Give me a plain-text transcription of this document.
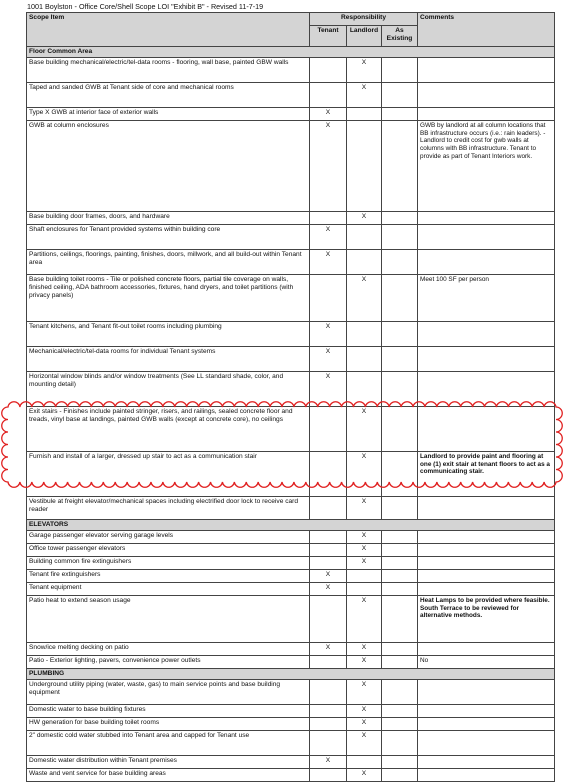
1001 Boylston - Office Core/Shell Scope LOI "Exhibit B" - Revised 11-7-19
Scope Item	Responsibility			Comments
	Tenant	Landlord	As Existing	
Floor Common Area				
Base building mechanical/electric/tel-data rooms - flooring, wall base, painted GBW walls		X		
Taped and sanded GWB at Tenant side of core and mechanical rooms		X		
Type X GWB at interior face of exterior walls	X			
GWB at column enclosures	X			GWB by landlord at all column locations that BB infrastructure occurs (i.e.: rain leaders). - Landlord to credit cost for gwb walls at columns with BB infrastructure. Tenant to provide as part of Tenant Interiors work.
Base building door frames, doors, and hardware		X		
Shaft enclosures for Tenant provided systems within building core	X			
Partitions, ceilings, floorings, painting, finishes, doors, millwork, and all build-out within Tenant area	X			
Base building toilet rooms - Tile or polished concrete floors, partial tile coverage on walls, finished ceiling, ADA bathroom accessories, fixtures, hand dryers, and toilet partitions (with privacy panels)		X		Meet 100 SF per person
Tenant kitchens, and Tenant fit-out toilet rooms including plumbing	X			
Mechanical/electric/tel-data rooms for individual Tenant systems	X			
Horizontal window blinds and/or window treatments (See LL standard shade, color, and mounting detail)	X			
Exit stairs - Finishes include painted stringer, risers, and railings, sealed concrete floor and treads, vinyl base at landings, painted GWB walls (except at concrete core), no ceilings		X		
Furnish and install of a larger, dressed up stair to act as a communication stair		X		Landlord to provide paint and flooring at one (1) exit stair at tenant floors to act as a communicating stair.
Vestibule at freight elevator/mechanical spaces including electrified door lock to receive card reader		X		
ELEVATORS				
Garage passenger elevator serving garage levels		X		
Office tower passenger elevators		X		
Building common fire extinguishers		X		
Tenant fire extinguishers	X			
Tenant equipment	X			
Patio heat to extend season usage		X		Heat Lamps to be provided where feasible. South Terrace to be reviewed for alternative methods.
Snow/ice melting decking on patio	X	X		
Patio - Exterior lighting, pavers, convenience power outlets		X		No
PLUMBING				
Underground utility piping (water, waste, gas) to main service points and base building equipment		X		
Domestic water to base building fixtures		X		
HW generation for base building toilet rooms		X		
2" domestic cold water stubbed into Tenant area and capped for Tenant use		X		
Domestic water distribution within Tenant premises	X			
Waste and vent service for base building areas		X		
